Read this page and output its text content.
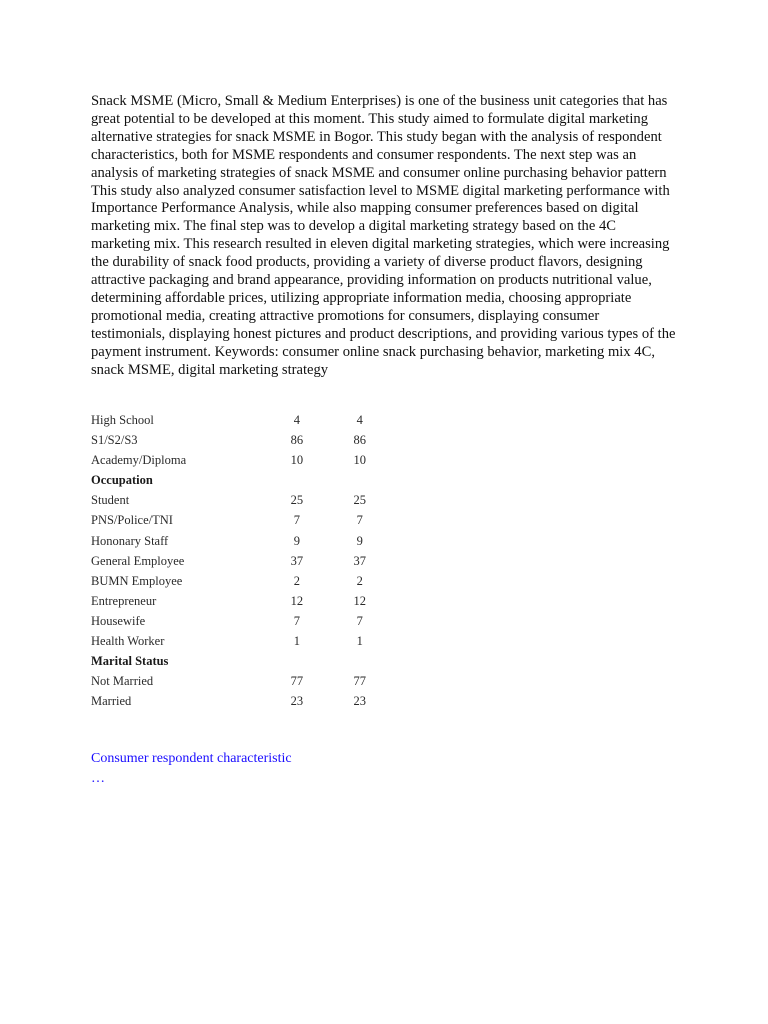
Snack MSME (Micro, Small & Medium Enterprises) is one of the business unit categories that has great potential to be developed at this moment. This study aimed to formulate digital marketing alternative strategies for snack MSME in Bogor. This study began with the analysis of respondent characteristics, both for MSME respondents and consumer respondents. The next step was an analysis of marketing strategies of snack MSME and consumer online purchasing behavior pattern This study also analyzed consumer satisfaction level to MSME digital marketing performance with Importance Performance Analysis, while also mapping consumer preferences based on digital marketing mix. The final step was to develop a digital marketing strategy based on the 4C marketing mix. This research resulted in eleven digital marketing strategies, which were increasing the durability of snack food products, providing a variety of diverse product flavors, designing attractive packaging and brand appearance, providing information on products nutritional value, determining affordable prices, utilizing appropriate information media, choosing appropriate promotional media, creating attractive promotions for consumers, displaying consumer testimonials, displaying honest pictures and product descriptions, and providing various types of the payment instrument. Keywords: consumer online snack purchasing behavior, marketing mix 4C, snack MSME, digital marketing strategy

High School	4	4
S1/S2/S3	86	86
Academy/Diploma	10	10
Occupation		
Student	25	25
PNS/Police/TNI	7	7
Hononary Staff	9	9
General Employee	37	37
BUMN Employee	2	2
Entrepreneur	12	12
Housewife	7	7
Health Worker	1	1
Marital Status		
Not Married	77	77
Married	23	23
Consumer respondent characteristic
…
